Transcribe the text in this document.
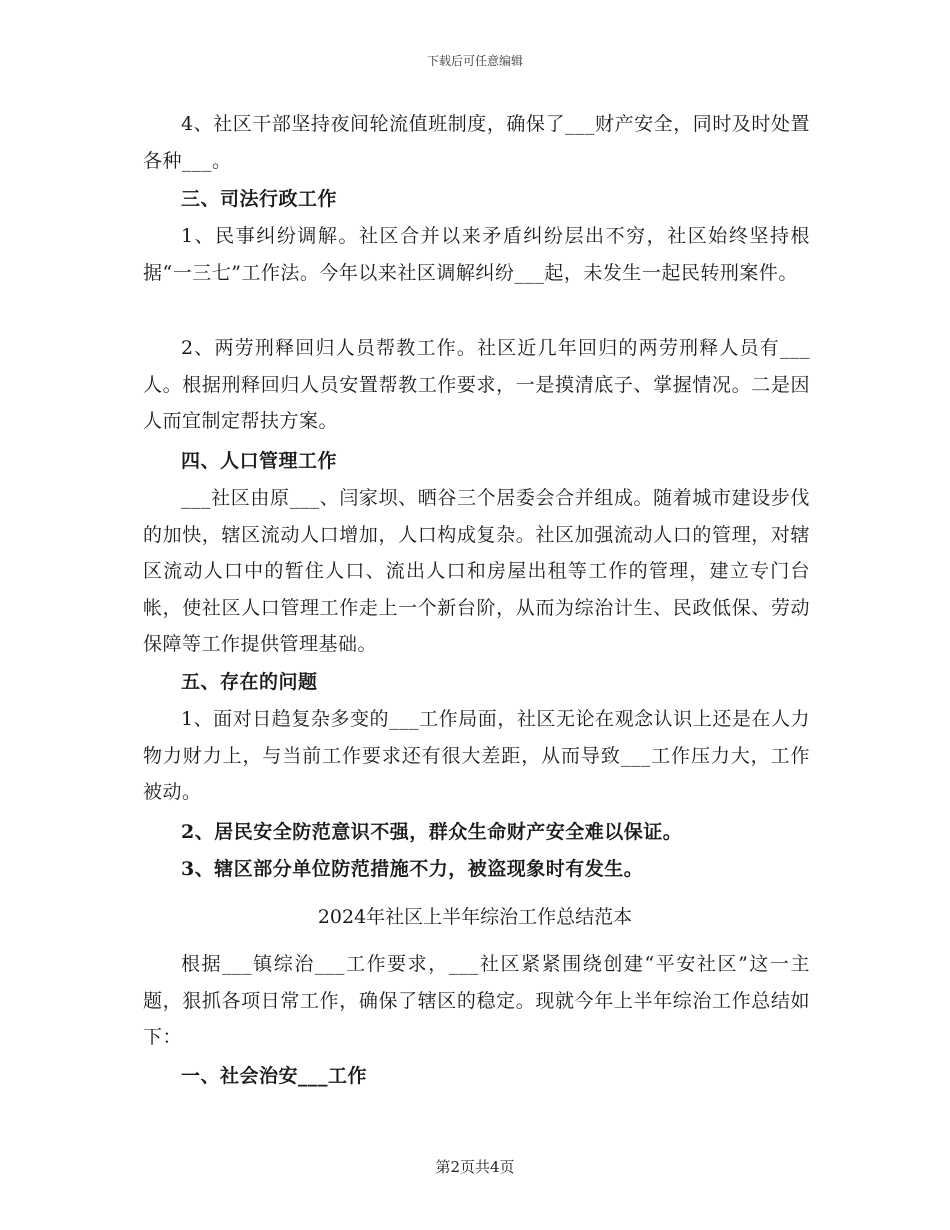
下载后可任意编辑

4、社区干部坚持夜间轮流值班制度，确保了___财产安全，同时及时处置各种___。

三、司法行政工作

1、民事纠纷调解。社区合并以来矛盾纠纷层出不穷，社区始终坚持根据“一三七”工作法。今年以来社区调解纠纷___起，未发生一起民转刑案件。

2、两劳刑释回归人员帮教工作。社区近几年回归的两劳刑释人员有___人。根据刑释回归人员安置帮教工作要求，一是摸清底子、掌握情况。二是因人而宜制定帮扶方案。

四、人口管理工作

___社区由原___、闫家坝、晒谷三个居委会合并组成。随着城市建设步伐的加快，辖区流动人口增加，人口构成复杂。社区加强流动人口的管理，对辖区流动人口中的暂住人口、流出人口和房屋出租等工作的管理，建立专门台帐，使社区人口管理工作走上一个新台阶，从而为综治计生、民政低保、劳动保障等工作提供管理基础。

五、存在的问题

1、面对日趋复杂多变的___工作局面，社区无论在观念认识上还是在人力物力财力上，与当前工作要求还有很大差距，从而导致___工作压力大，工作被动。

2、居民安全防范意识不强，群众生命财产安全难以保证。

3、辖区部分单位防范措施不力，被盗现象时有发生。

2024年社区上半年综治工作总结范本

根据___镇综治___工作要求，___社区紧紧围绕创建“平安社区”这一主题，狠抓各项日常工作，确保了辖区的稳定。现就今年上半年综治工作总结如下：

一、社会治安___工作

第2页共4页
